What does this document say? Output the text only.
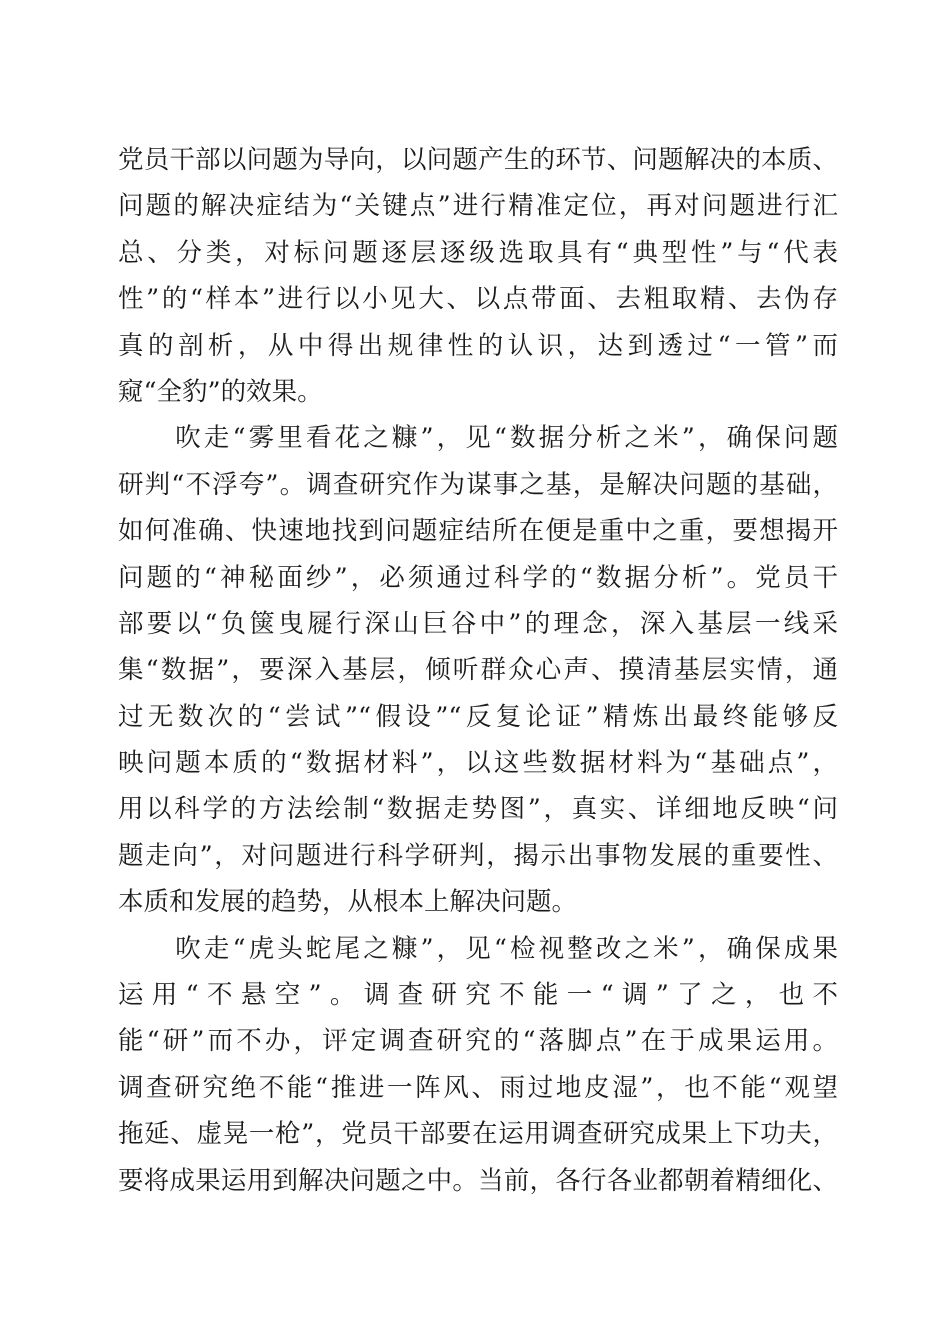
党员干部以问题为导向，以问题产生的环节、问题解决的本质、
问题的解决症结为“关键点”进行精准定位，再对问题进行汇
总、分类，对标问题逐层逐级选取具有“典型性”与“代表
性”的“样本”进行以小见大、以点带面、去粗取精、去伪存
真的剖析，从中得出规律性的认识，达到透过“一管”而
窥“全豹”的效果。
　　吹走“雾里看花之糠”，见“数据分析之米”，确保问题
研判“不浮夸”。调查研究作为谋事之基，是解决问题的基础，
如何准确、快速地找到问题症结所在便是重中之重，要想揭开
问题的“神秘面纱”，必须通过科学的“数据分析”。党员干
部要以“负箧曳屣行深山巨谷中”的理念，深入基层一线采
集“数据”，要深入基层，倾听群众心声、摸清基层实情，通
过无数次的“尝试”“假设”“反复论证”精炼出最终能够反
映问题本质的“数据材料”，以这些数据材料为“基础点”，
用以科学的方法绘制“数据走势图”，真实、详细地反映“问
题走向”，对问题进行科学研判，揭示出事物发展的重要性、
本质和发展的趋势，从根本上解决问题。
　　吹走“虎头蛇尾之糠”，见“检视整改之米”，确保成果
运用“不悬空”。调查研究不能一“调”了之，也不
能“研”而不办，评定调查研究的“落脚点”在于成果运用。
调查研究绝不能“推进一阵风、雨过地皮湿”，也不能“观望
拖延、虚晃一枪”，党员干部要在运用调查研究成果上下功夫，
要将成果运用到解决问题之中。当前，各行各业都朝着精细化、
